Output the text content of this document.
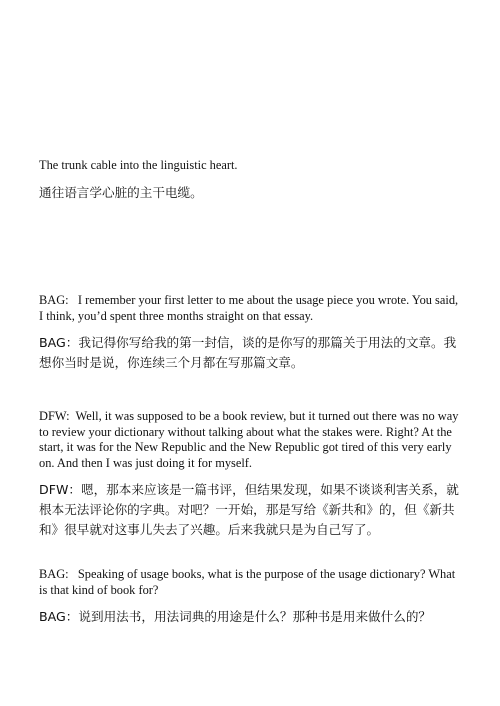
The trunk cable into the linguistic heart.

通往语言学心脏的主干电缆。

BAG:   I remember your first letter to me about the usage piece you wrote. You said, I think, you’d spent three months straight on that essay.

BAG：我记得你写给我的第一封信，谈的是你写的那篇关于用法的文章。我想你当时是说，你连续三个月都在写那篇文章。

DFW:  Well, it was supposed to be a book review, but it turned out there was no way to review your dictionary without talking about what the stakes were. Right? At the start, it was for the New Republic and the New Republic got tired of this very early on. And then I was just doing it for myself.

DFW：嗯，那本来应该是一篇书评，但结果发现，如果不谈谈利害关系，就根本无法评论你的字典。对吧？一开始，那是写给《新共和》的，但《新共和》很早就对这事儿失去了兴趣。后来我就只是为自己写了。

BAG:   Speaking of usage books, what is the purpose of the usage dictionary? What is that kind of book for?

BAG：说到用法书，用法词典的用途是什么？那种书是用来做什么的？
